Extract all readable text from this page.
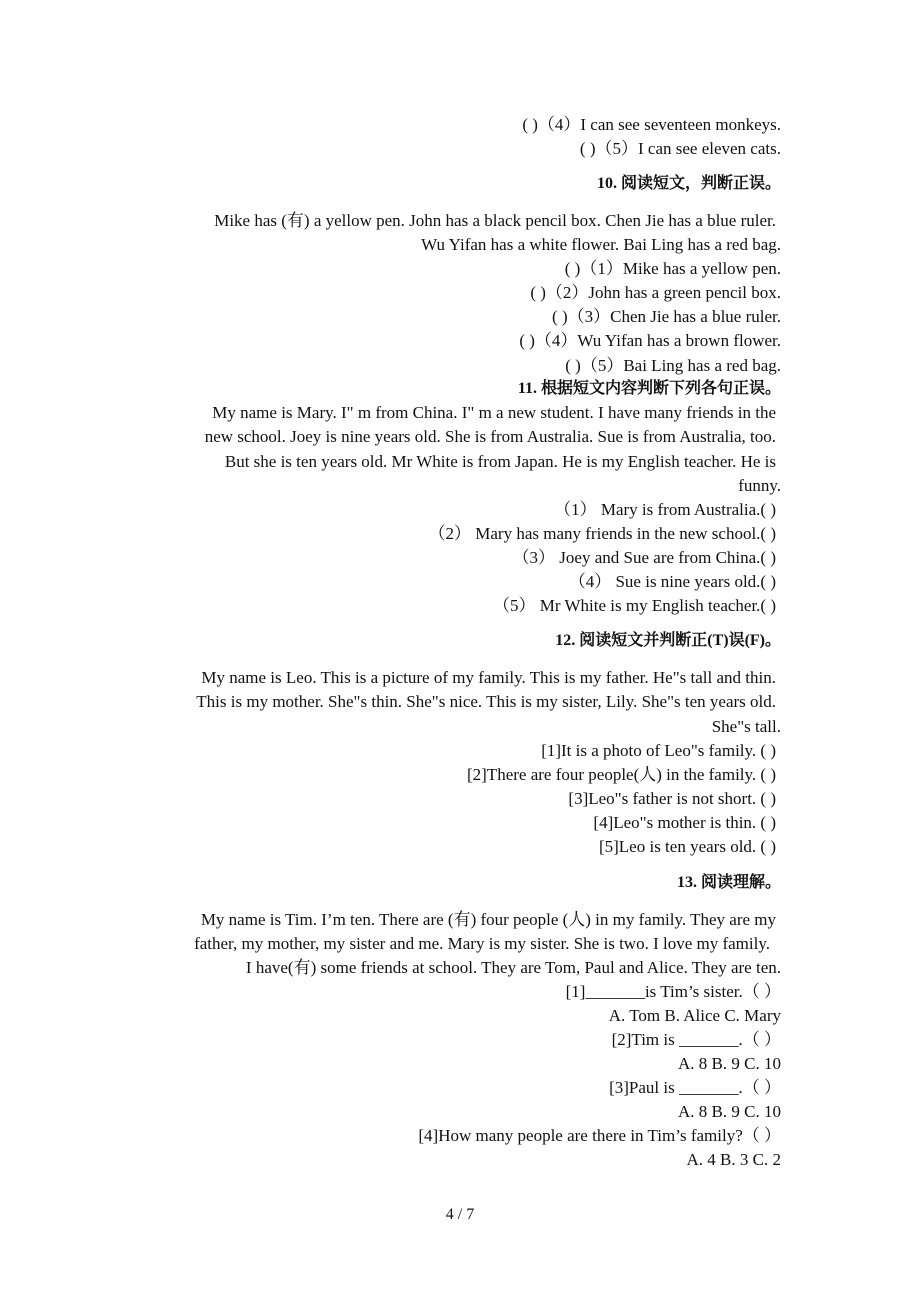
( )（4）I can see seventeen monkeys.
( )（5）I can see eleven cats.
10. 阅读短文，判断正误。
Mike has (有) a yellow pen. John has a black pencil box. Chen Jie has a blue ruler.
Wu Yifan has a white flower. Bai Ling has a red bag.
( )（1）Mike has a yellow pen.
( )（2）John has a green pencil box.
( )（3）Chen Jie has a blue ruler.
( )（4）Wu Yifan has a brown flower.
( )（5）Bai Ling has a red bag.
11. 根据短文内容判断下列各句正误。
My name is Mary. I" m from China. I" m a new student. I have many friends in the
new school. Joey is nine years old. She is from Australia. Sue is from Australia, too.
But she is ten years old. Mr White is from Japan. He is my English teacher. He is
funny.
（1） Mary is from Australia.( )
（2） Mary has many friends in the new school.( )
（3） Joey and Sue are from China.( )
（4） Sue is nine years old.( )
（5） Mr White is my English teacher.( )
12. 阅读短文并判断正(T)误(F)。
My name is Leo. This is a picture of my family. This is my father. He"s tall and thin.
This is my mother. She"s thin. She"s nice. This is my sister, Lily. She"s ten years old.
She"s tall.
[1]It is a photo of Leo"s family. ( )
[2]There are four people(人) in the family. ( )
[3]Leo"s father is not short. ( )
[4]Leo"s mother is thin. ( )
[5]Leo is ten years old. ( )
13. 阅读理解。
My name is Tim. I’m ten. There are (有) four people (人) in my family. They are my
father, my mother, my sister and me. Mary is my sister. She is two. I love my family.
I have(有) some friends at school. They are Tom, Paul and Alice. They are ten.
[1]_______is Tim’s sister.（ ）
A. Tom B. Alice C. Mary
[2]Tim is _______.（ ）
A. 8 B. 9 C. 10
[3]Paul is _______.（ ）
A. 8 B. 9 C. 10
[4]How many people are there in Tim’s family?（ ）
A. 4 B. 3 C. 2
4 / 7
